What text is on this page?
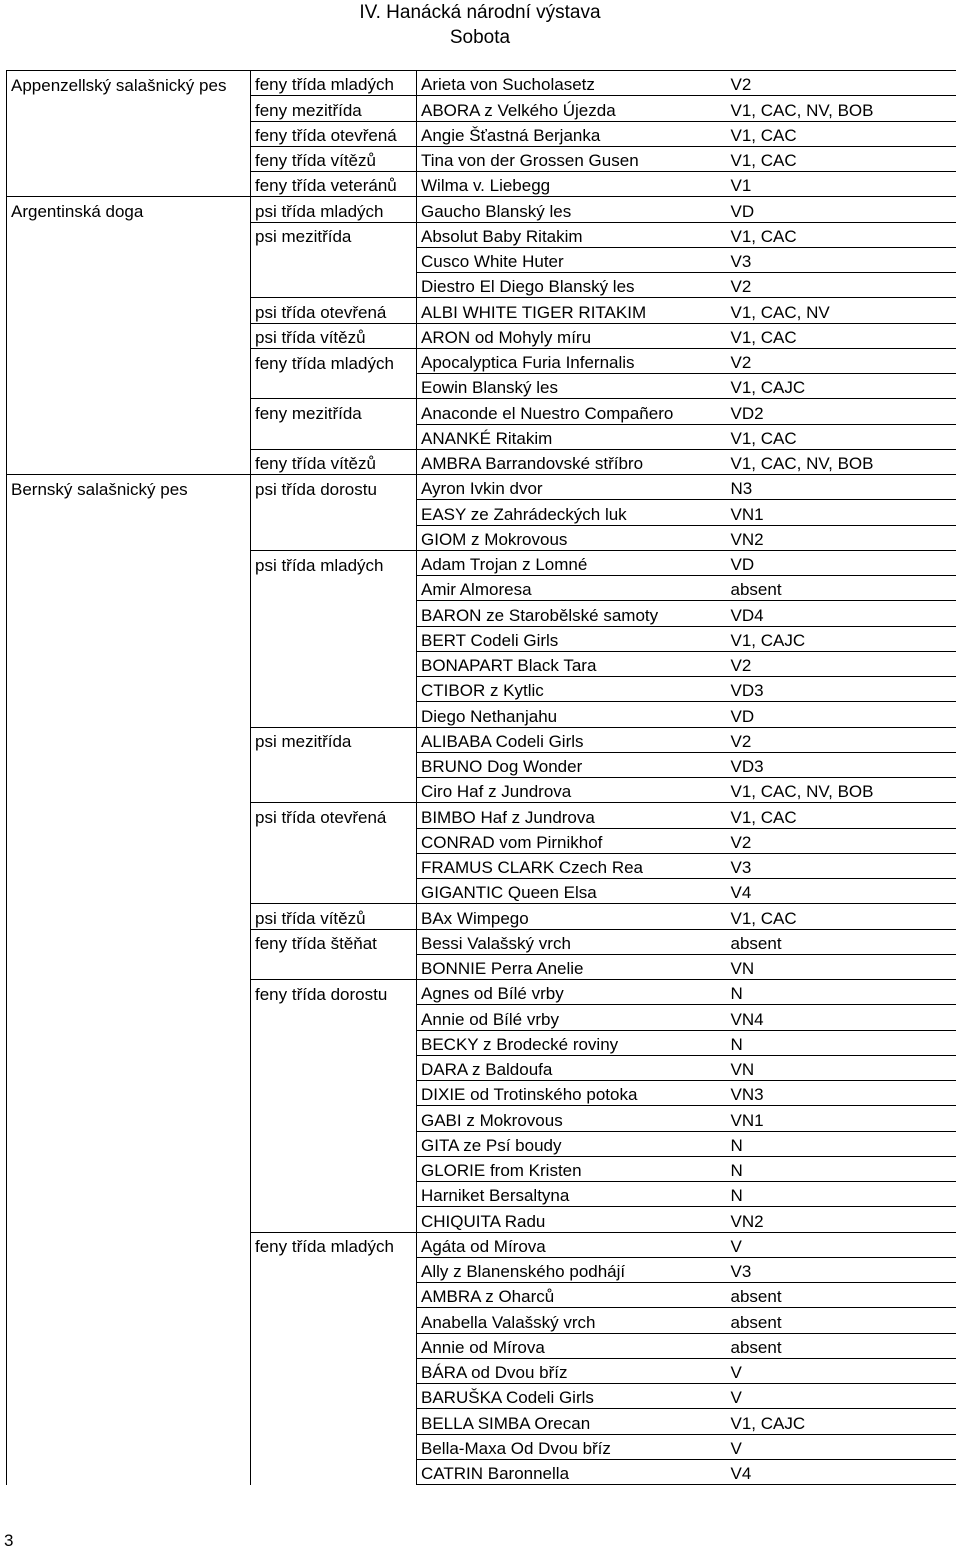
IV. Hanácká národní výstava
Sobota
Appenzellský salašnický pes	feny třída mladých	Arieta von Sucholasetz	V2
	feny mezitřída	ABORA z Velkého Újezda	V1, CAC, NV, BOB
	feny třída otevřená	Angie Šťastná Berjanka	V1, CAC
	feny třída vítězů	Tina von der Grossen Gusen	V1, CAC
	feny třída veteránů	Wilma v. Liebegg	V1
Argentinská doga	psi třída mladých	Gaucho Blanský les	VD
	psi mezitřída	Absolut Baby Ritakim	V1, CAC
		Cusco White Huter	V3
		Diestro El Diego Blanský les	V2
	psi třída otevřená	ALBI WHITE TIGER RITAKIM	V1, CAC, NV
	psi třída vítězů	ARON od Mohyly míru	V1, CAC
	feny třída mladých	Apocalyptica Furia Infernalis	V2
		Eowin Blanský les	V1, CAJC
	feny mezitřída	Anaconde el Nuestro Compañero	VD2
		ANANKÉ Ritakim	V1, CAC
	feny třída vítězů	AMBRA Barrandovské stříbro	V1, CAC, NV, BOB
Bernský salašnický pes	psi třída dorostu	Ayron Ivkin dvor	N3
		EASY ze Zahrádeckých luk	VN1
		GIOM z Mokrovous	VN2
	psi třída mladých	Adam Trojan z Lomné	VD
		Amir Almoresa	absent
		BARON ze Starobělské samoty	VD4
		BERT Codeli Girls	V1, CAJC
		BONAPART Black Tara	V2
		CTIBOR z Kytlic	VD3
		Diego Nethanjahu	VD
	psi mezitřída	ALIBABA Codeli Girls	V2
		BRUNO Dog Wonder	VD3
		Ciro Haf z Jundrova	V1, CAC, NV, BOB
	psi třída otevřená	BIMBO Haf z Jundrova	V1, CAC
		CONRAD vom Pirnikhof	V2
		FRAMUS CLARK Czech Rea	V3
		GIGANTIC Queen Elsa	V4
	psi třída vítězů	BAx Wimpego	V1, CAC
	feny třída štěňat	Bessi Valašský vrch	absent
		BONNIE Perra Anelie	VN
	feny třída dorostu	Agnes od Bílé vrby	N
		Annie od Bílé vrby	VN4
		BECKY z Brodecké roviny	N
		DARA z Baldoufa	VN
		DIXIE od Trotinského potoka	VN3
		GABI z Mokrovous	VN1
		GITA ze Psí boudy	N
		GLORIE from Kristen	N
		Harniket Bersaltyna	N
		CHIQUITA Radu	VN2
	feny třída mladých	Agáta od Mírova	V
		Ally z Blanenského podhájí	V3
		AMBRA z Oharců	absent
		Anabella Valašský vrch	absent
		Annie od Mírova	absent
		BÁRA od Dvou bříz	V
		BARUŠKA Codeli Girls	V
		BELLA SIMBA Orecan	V1, CAJC
		Bella-Maxa Od Dvou bříz	V
		CATRIN Baronnella	V4
3
